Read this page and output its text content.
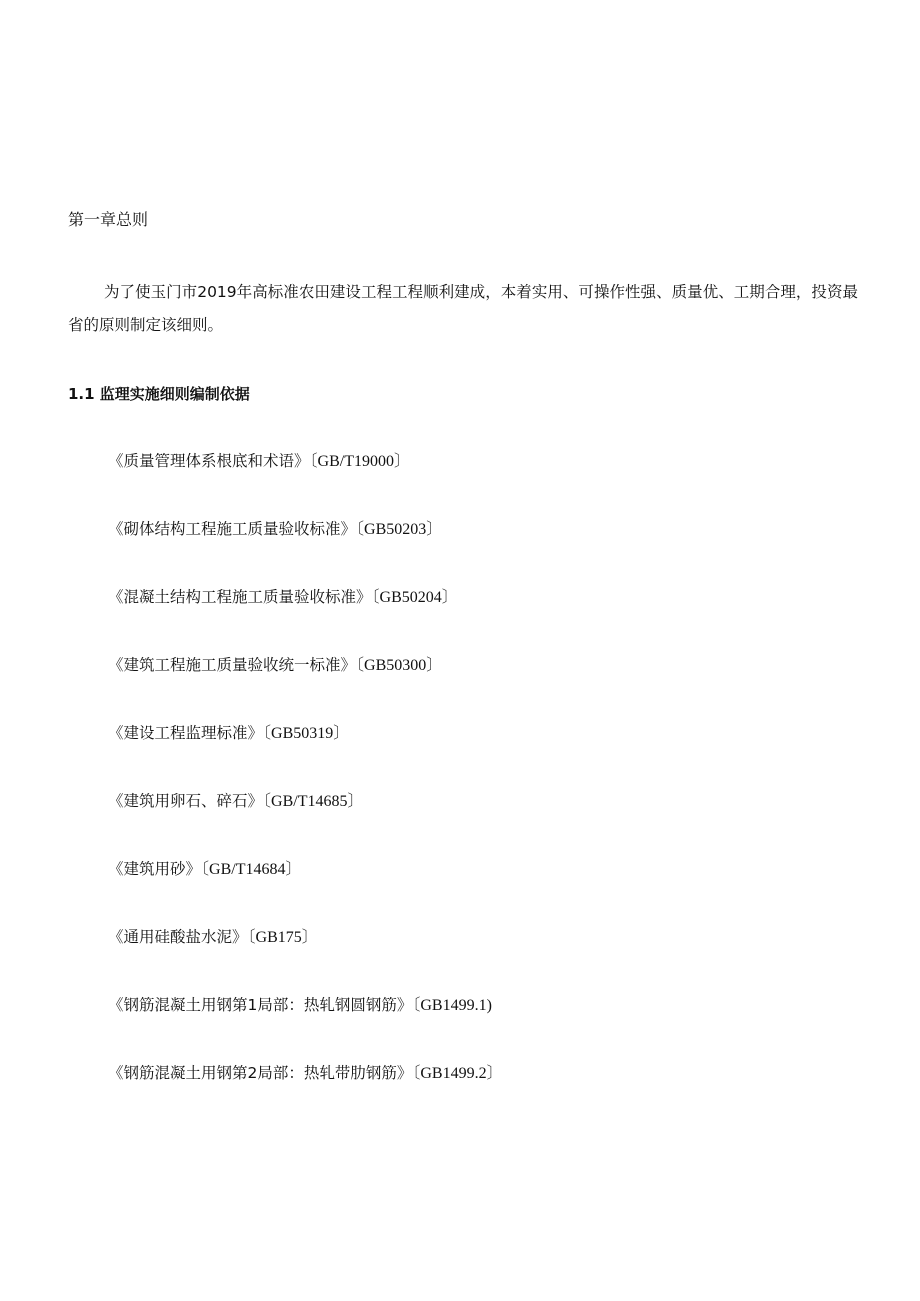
第一章总则

为了使玉门市2019年高标准农田建设工程工程顺利建成，本着实用、可操作性强、质量优、工期合理，投资最省的原则制定该细则。

1.1 监理实施细则编制依据
《质量管理体系根底和术语》〔GB/T19000〕
《砌体结构工程施工质量验收标准》〔GB50203〕
《混凝土结构工程施工质量验收标准》〔GB50204〕
《建筑工程施工质量验收统一标准》〔GB50300〕
《建设工程监理标准》〔GB50319〕
《建筑用卵石、碎石》〔GB/T14685〕
《建筑用砂》〔GB/T14684〕
《通用硅酸盐水泥》〔GB175〕
《钢筋混凝土用钢第1局部：热轧钢圆钢筋》〔GB1499.1)
《钢筋混凝土用钢第2局部：热轧带肋钢筋》〔GB1499.2〕
